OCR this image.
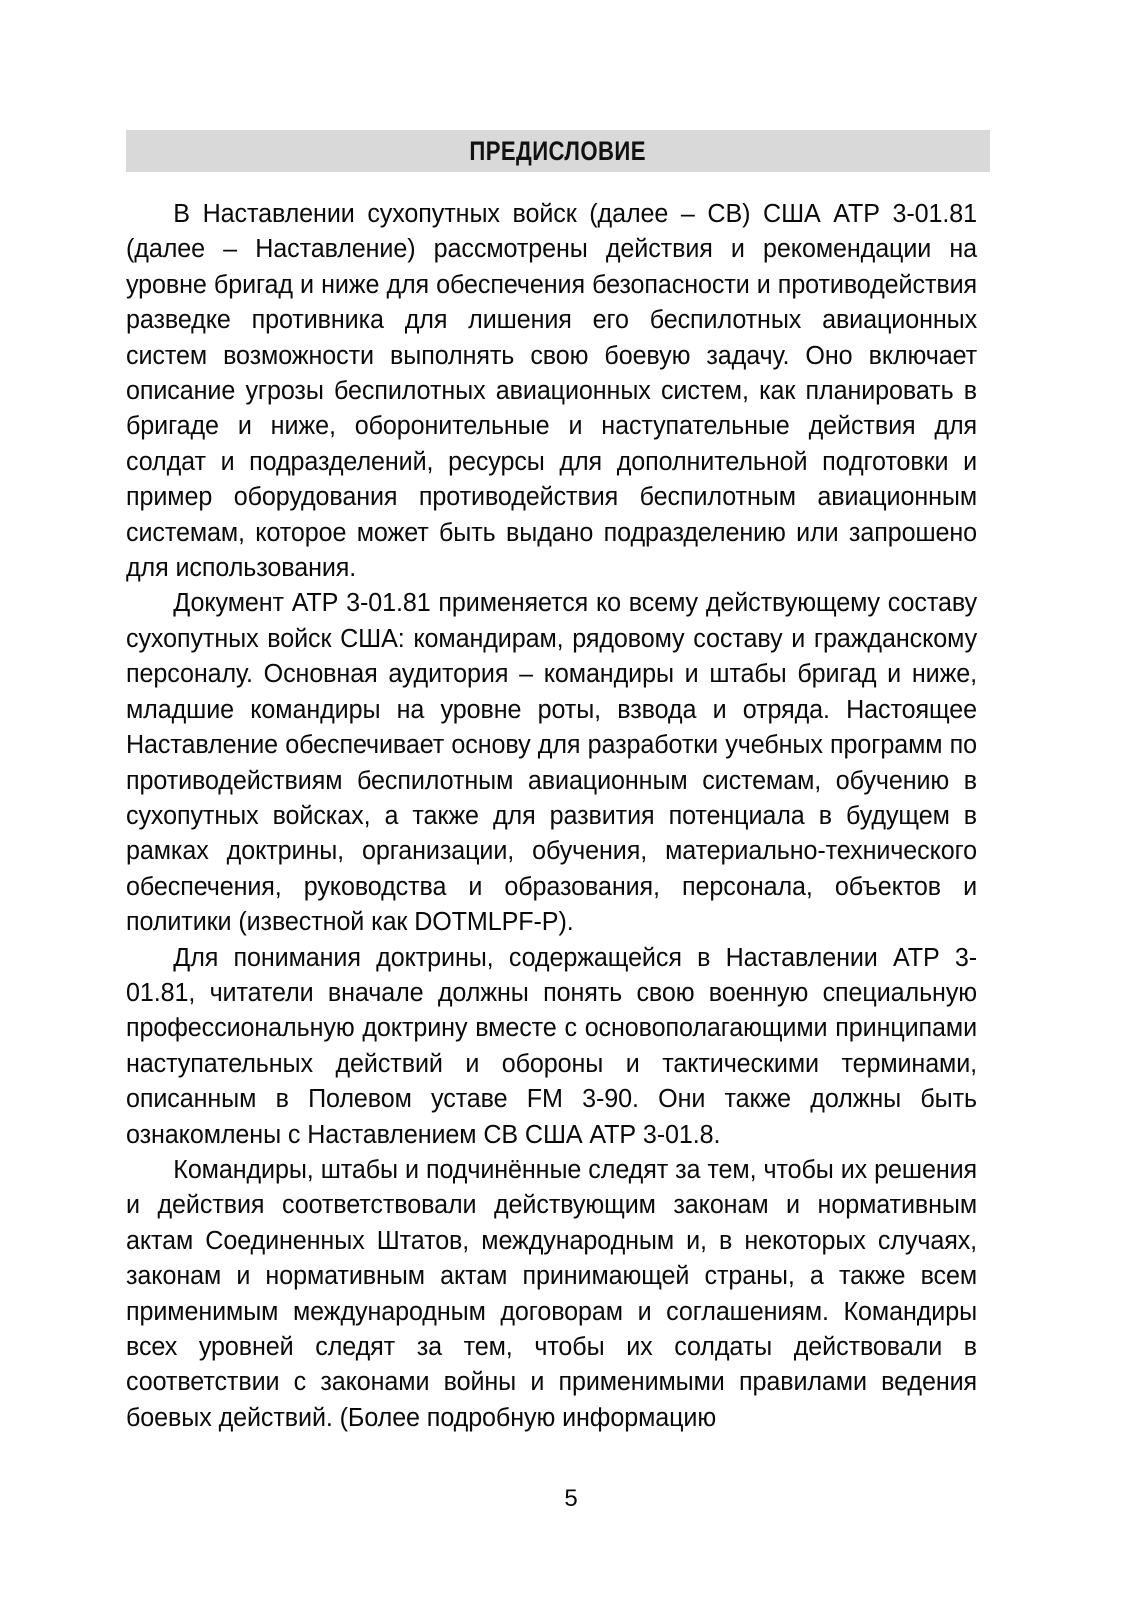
ПРЕДИСЛОВИЕ

В Наставлении сухопутных войск (далее – СВ) США АТР 3-01.81 (далее – Наставление) рассмотрены действия и рекомендации на уровне бригад и ниже для обеспечения безопасности и противодействия разведке противника для лишения его беспилотных авиационных систем возможности выполнять свою боевую задачу. Оно включает описание угрозы беспилотных авиационных систем, как планировать в бригаде и ниже, оборонительные и наступательные действия для солдат и подразделений, ресурсы для дополнительной подготовки и пример оборудования противодействия беспилотным авиационным системам, которое может быть выдано подразделению или запрошено для использования.

Документ АТР 3-01.81 применяется ко всему действующему составу сухопутных войск США: командирам, рядовому составу и гражданскому персоналу. Основная аудитория – командиры и штабы бригад и ниже, младшие командиры на уровне роты, взвода и отряда. Настоящее Наставление обеспечивает основу для разработки учебных программ по противодействиям беспилотным авиационным системам, обучению в сухопутных войсках, а также для развития потенциала в будущем в рамках доктрины, организации, обучения, материально-технического обеспечения, руководства и образования, персонала, объектов и политики (известной как DOTMLPF-P).

Для понимания доктрины, содержащейся в Наставлении АТР 3-01.81, читатели вначале должны понять свою военную специальную профессиональную доктрину вместе с основополагающими принципами наступательных действий и обороны и тактическими терминами, описанным в Полевом уставе FM 3-90. Они также должны быть ознакомлены с Наставлением СВ США АТР 3-01.8.

Командиры, штабы и подчинённые следят за тем, чтобы их решения и действия соответствовали действующим законам и нормативным актам Соединенных Штатов, международным и, в некоторых случаях, законам и нормативным актам принимающей страны, а также всем применимым международным договорам и соглашениям. Командиры всех уровней следят за тем, чтобы их солдаты действовали в соответствии с законами войны и применимыми правилами ведения боевых действий. (Более подробную информацию

5
